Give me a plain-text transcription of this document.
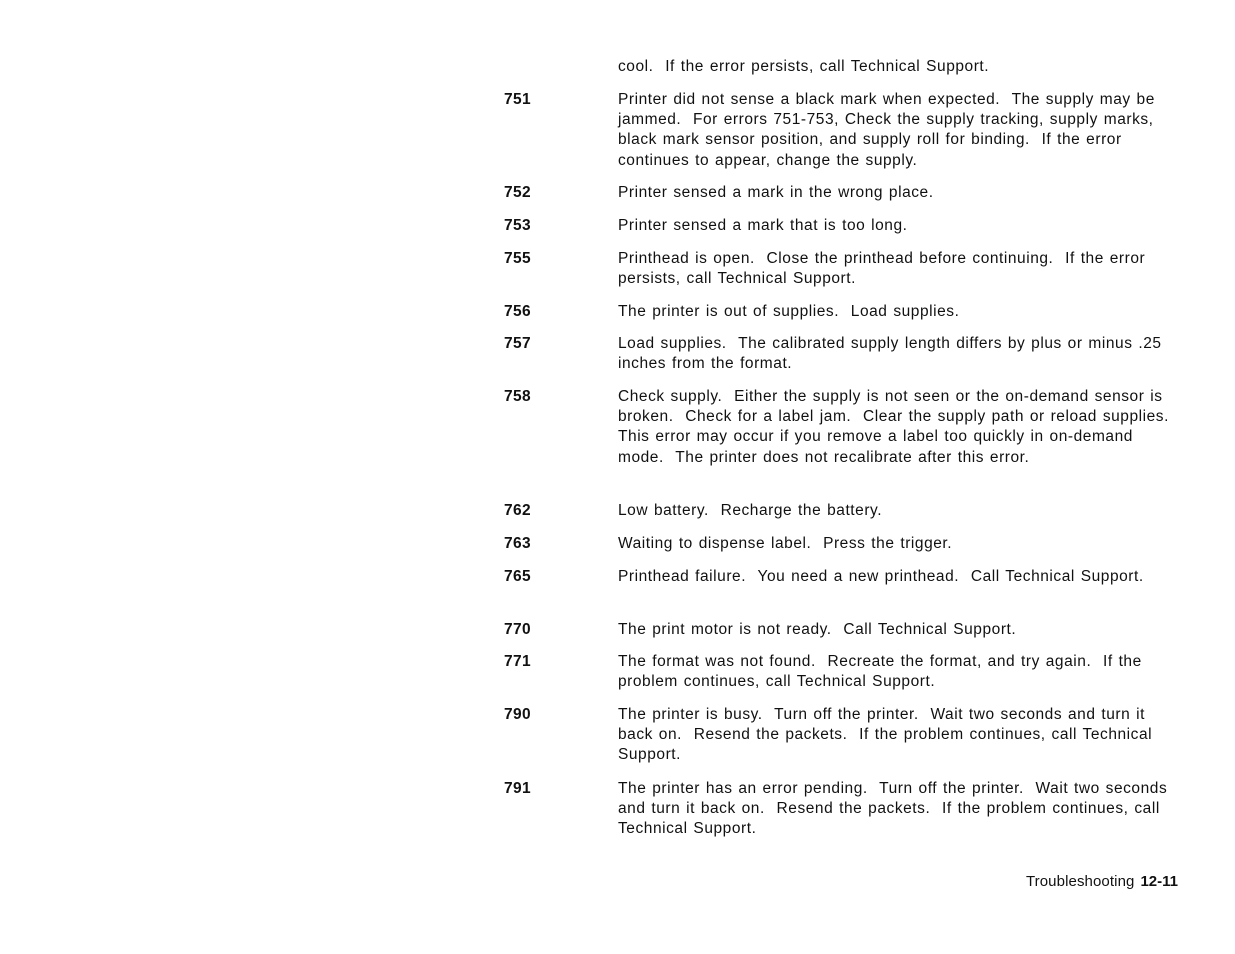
cool.  If the error persists, call Technical Support.
751	Printer did not sense a black mark when expected.  The supply may be jammed.  For errors 751-753, Check the supply tracking, supply marks, black mark sensor position, and supply roll for binding.  If the error continues to appear, change the supply.
752	Printer sensed a mark in the wrong place.
753	Printer sensed a mark that is too long.
755	Printhead is open.  Close the printhead before continuing.  If the error persists, call Technical Support.
756	The printer is out of supplies.  Load supplies.
757	Load supplies.  The calibrated supply length differs by plus or minus .25 inches from the format.
758	Check supply.  Either the supply is not seen or the on-demand sensor is broken.  Check for a label jam.  Clear the supply path or reload supplies.  This error may occur if you remove a label too quickly in on-demand mode.  The printer does not recalibrate after this error.
762	Low battery.  Recharge the battery.
763	Waiting to dispense label.  Press the trigger.
765	Printhead failure.  You need a new printhead.  Call Technical Support.
770	The print motor is not ready.  Call Technical Support.
771	The format was not found.  Recreate the format, and try again.  If the problem continues, call Technical Support.
790	The printer is busy.  Turn off the printer.  Wait two seconds and turn it back on.  Resend the packets.  If the problem continues, call Technical Support.
791	The printer has an error pending.  Turn off the printer.  Wait two seconds and turn it back on.  Resend the packets.  If the problem continues, call Technical Support.
Troubleshooting 12-11
